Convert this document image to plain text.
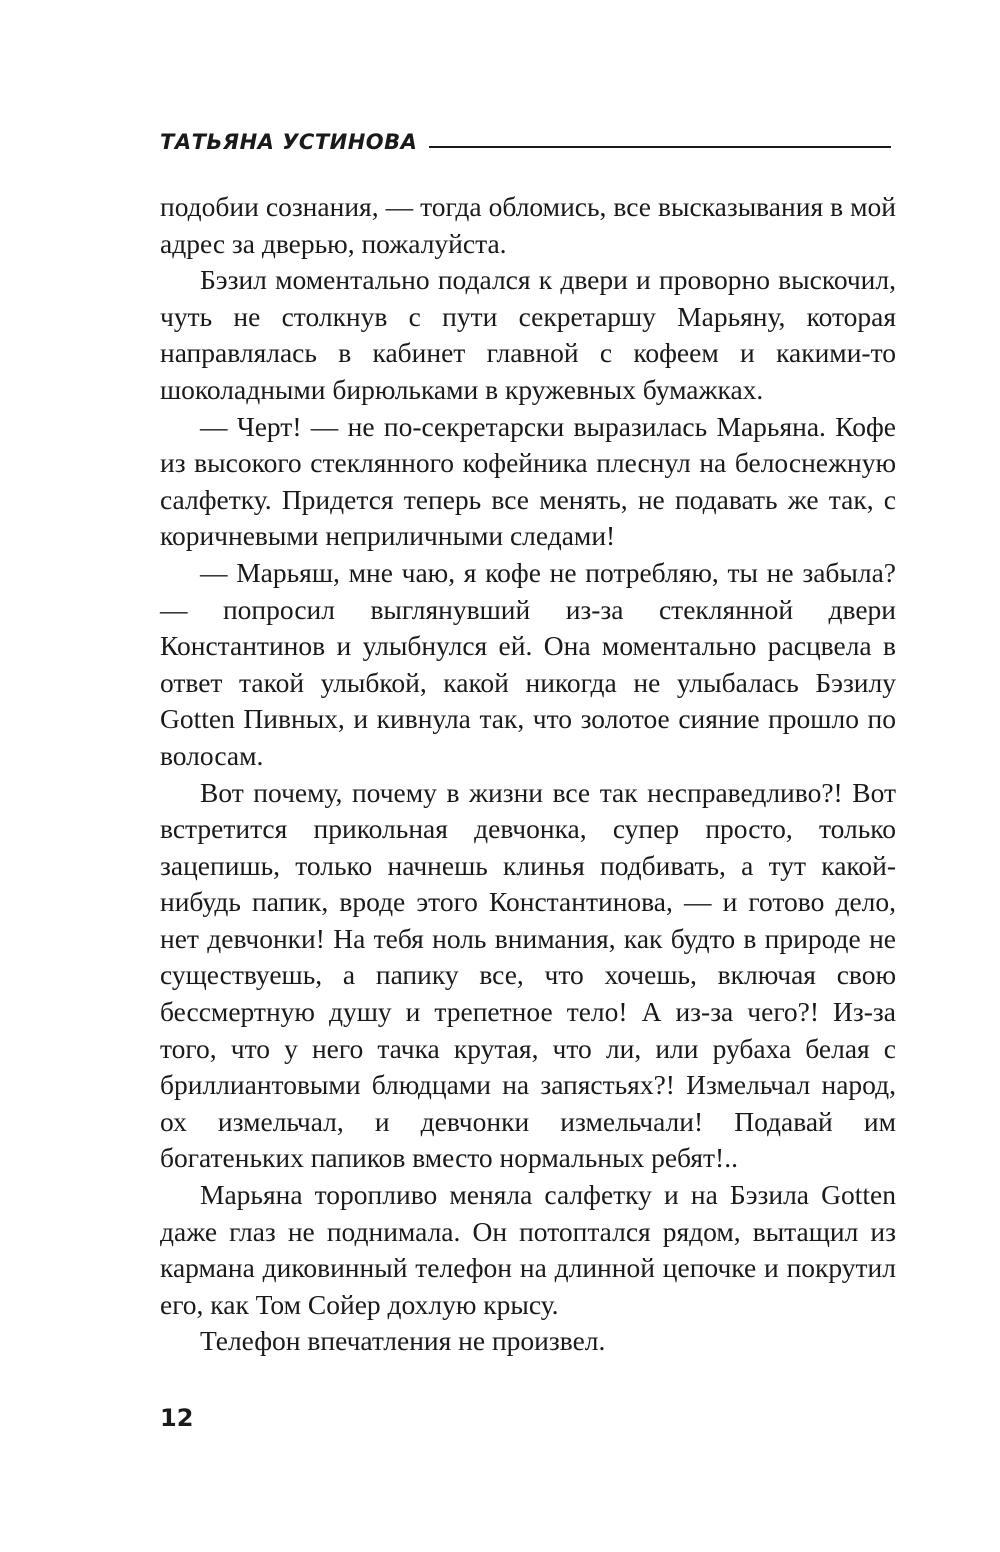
ТАТЬЯНА УСТИНОВА

подобии сознания, — тогда обломись, все высказывания в мой адрес за дверью, пожалуйста.

Бэзил моментально подался к двери и проворно выскочил, чуть не столкнув с пути секретаршу Марьяну, которая направлялась в кабинет главной с кофеем и какими-то шоколадными бирюльками в кружевных бумажках.

— Черт! — не по-секретарски выразилась Марьяна. Кофе из высокого стеклянного кофейника плеснул на белоснежную салфетку. Придется теперь все менять, не подавать же так, с коричневыми неприличными следами!

— Марьяш, мне чаю, я кофе не потребляю, ты не забыла? — попросил выглянувший из-за стеклянной двери Константинов и улыбнулся ей. Она моментально расцвела в ответ такой улыбкой, какой никогда не улыбалась Бэзилу Gotten Пивных, и кивнула так, что золотое сияние прошло по волосам.

Вот почему, почему в жизни все так несправедливо?! Вот встретится прикольная девчонка, супер просто, только зацепишь, только начнешь клинья подбивать, а тут какой-нибудь папик, вроде этого Константинова, — и готово дело, нет девчонки! На тебя ноль внимания, как будто в природе не существуешь, а папику все, что хочешь, включая свою бессмертную душу и трепетное тело! А из-за чего?! Из-за того, что у него тачка крутая, что ли, или рубаха белая с бриллиантовыми блюдцами на запястьях?! Измельчал народ, ох измельчал, и девчонки измельчали! Подавай им богатеньких папиков вместо нормальных ребят!..

Марьяна торопливо меняла салфетку и на Бэзила Gotten даже глаз не поднимала. Он потоптался рядом, вытащил из кармана диковинный телефон на длинной цепочке и покрутил его, как Том Сойер дохлую крысу.

Телефон впечатления не произвел.

12
